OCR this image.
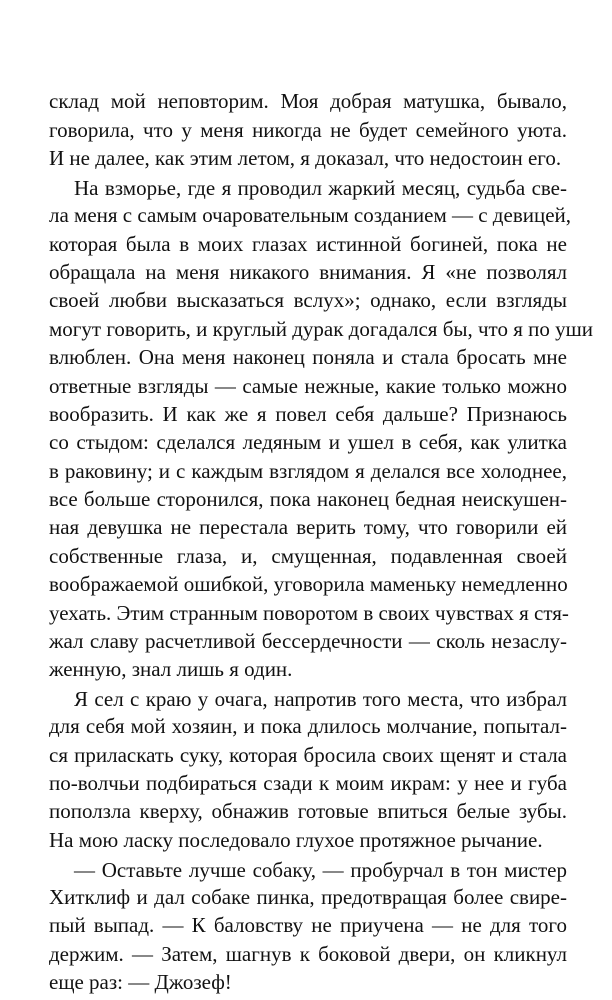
склад мой неповторим. Моя добрая матушка, бывало,
говорила, что у меня никогда не будет семейного уюта.
И не далее, как этим летом, я доказал, что недостоин его.
На взморье, где я проводил жаркий месяц, судьба све-
ла меня с самым очаровательным созданием — с девицей,
которая была в моих глазах истинной богиней, пока не
обращала на меня никакого внимания. Я «не позволял
своей любви высказаться вслух»; однако, если взгляды
могут говорить, и круглый дурак догадался бы, что я по уши
влюблен. Она меня наконец поняла и стала бросать мне
ответные взгляды — самые нежные, какие только можно
вообразить. И как же я повел себя дальше? Признаюсь
со стыдом: сделался ледяным и ушел в себя, как улитка
в раковину; и с каждым взглядом я делался все холоднее,
все больше сторонился, пока наконец бедная неискушен-
ная девушка не перестала верить тому, что говорили ей
собственные глаза, и, смущенная, подавленная своей
воображаемой ошибкой, уговорила маменьку немедленно
уехать. Этим странным поворотом в своих чувствах я стя-
жал славу расчетливой бессердечности — сколь незаслу-
женную, знал лишь я один.
Я сел с краю у очага, напротив того места, что избрал
для себя мой хозяин, и пока длилось молчание, попытал-
ся приласкать суку, которая бросила своих щенят и стала
по-волчьи подбираться сзади к моим икрам: у нее и губа
поползла кверху, обнажив готовые впиться белые зубы.
На мою ласку последовало глухое протяжное рычание.
— Оставьте лучше собаку, — пробурчал в тон мистер
Хитклиф и дал собаке пинка, предотвращая более свире-
пый выпад. — К баловству не приучена — не для того
держим. — Затем, шагнув к боковой двери, он кликнул
еще раз: — Джозеф!
